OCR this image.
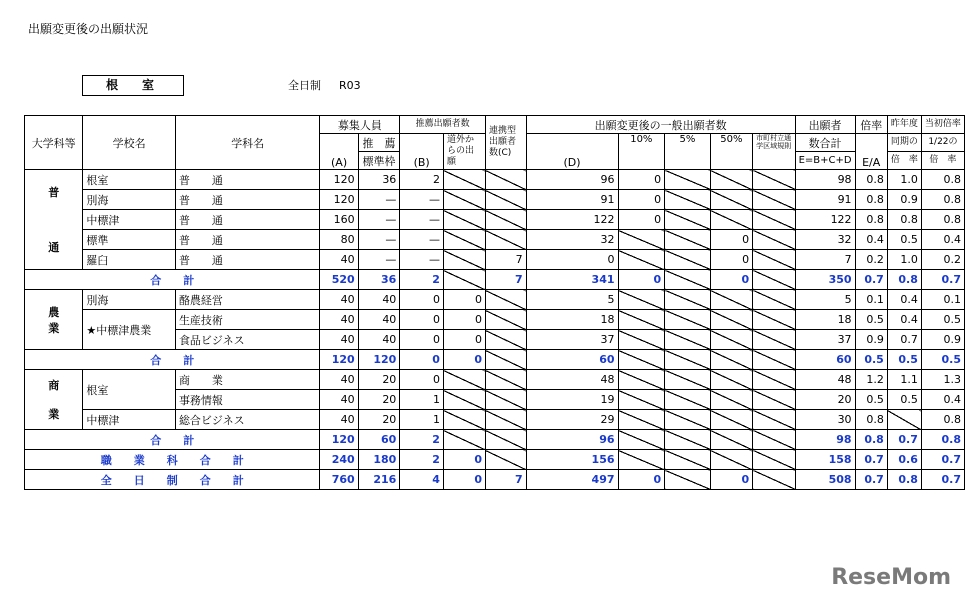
出願変更後の出願状況
根　室	全日制 R03
大学科等	学校名	学科名	募集人員		推薦出願者数		連携型出願者数(C)	出願変更後の一般出願者数					出願者	倍率	昨年度	当初倍率
			(A)	推　薦	(B)	道外からの出願		(D)	10%	5%	50%	市町村立通学区域規則	数合計	E/A	同期の	1/22の
				標準枠									E=B+C+D		倍　率	倍　率
普

通	根室	普　　通	120	36	2			96	0				98	0.8	1.0	0.8
	別海	普　　通	120	—	—			91	0				91	0.8	0.9	0.8
	中標津	普　　通	160	—	—			122	0				122	0.8	0.8	0.8
	標準	普　　通	80	—	—			32			0		32	0.4	0.5	0.4
	羅臼	普　　通	40	—	—		7	0			0		7	0.2	1.0	0.2
合　　計			520	36	2		7	341	0		0		350	0.7	0.8	0.7
農
業	別海	酪農経営	40	40	0	0		5					5	0.1	0.4	0.1
	★中標津農業	生産技術	40	40	0	0		18					18	0.5	0.4	0.5
		食品ビジネス	40	40	0	0		37					37	0.9	0.7	0.9
合　　計			120	120	0	0		60					60	0.5	0.5	0.5
商

業	根室	商　　業	40	20	0			48					48	1.2	1.1	1.3
		事務情報	40	20	1			19					20	0.5	0.5	0.4
	中標津	総合ビジネス	40	20	1			29					30	0.8		0.8
合　　計			120	60	2			96					98	0.8	0.7	0.8
職　　業　　科　　合　　計			240	180	2	0		156					158	0.7	0.6	0.7
全　　日　　制　　合　　計			760	216	4	0	7	497	0		0		508	0.7	0.8	0.7
ReseMom
